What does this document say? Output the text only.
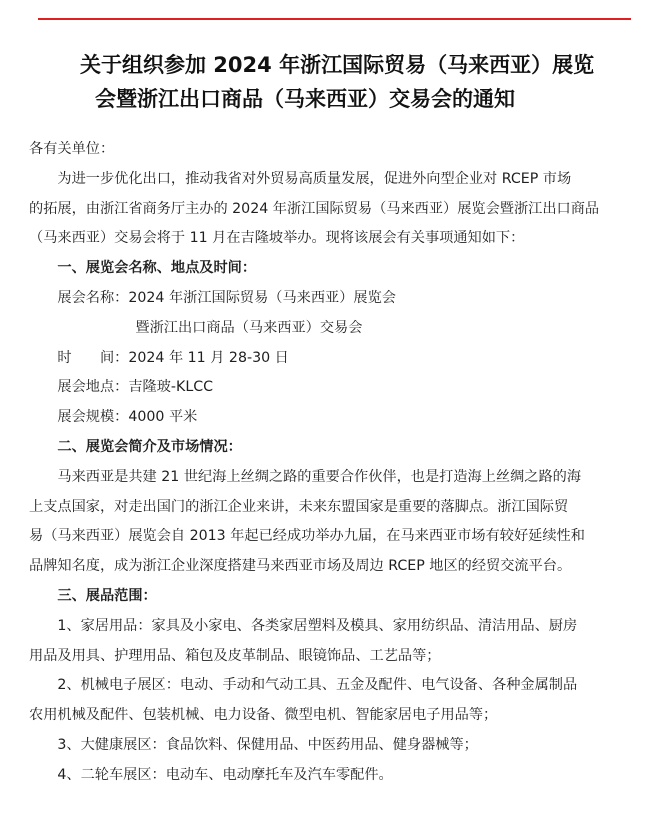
关于组织参加 2024 年浙江国际贸易（马来西亚）展览
会暨浙江出口商品（马来西亚）交易会的通知

各有关单位：

为进一步优化出口，推动我省对外贸易高质量发展，促进外向型企业对 RCEP 市场
的拓展，由浙江省商务厅主办的 2024 年浙江国际贸易（马来西亚）展览会暨浙江出口商品
（马来西亚）交易会将于 11 月在吉隆坡举办。现将该展会有关事项通知如下：

一、展览会名称、地点及时间：

展会名称：2024 年浙江国际贸易（马来西亚）展览会

暨浙江出口商品（马来西亚）交易会

时　　间：2024 年 11 月 28-30 日

展会地点：吉隆玻-KLCC

展会规模：4000 平米

二、展览会简介及市场情况：

马来西亚是共建 21 世纪海上丝绸之路的重要合作伙伴，也是打造海上丝绸之路的海
上支点国家，对走出国门的浙江企业来讲，未来东盟国家是重要的落脚点。浙江国际贸
易（马来西亚）展览会自 2013 年起已经成功举办九届，在马来西亚市场有较好延续性和
品牌知名度，成为浙江企业深度搭建马来西亚市场及周边 RCEP 地区的经贸交流平台。

三、展品范围：

1、家居用品：家具及小家电、各类家居塑料及模具、家用纺织品、清洁用品、厨房
用品及用具、护理用品、箱包及皮革制品、眼镜饰品、工艺品等；
2、机械电子展区：电动、手动和气动工具、五金及配件、电气设备、各种金属制品
农用机械及配件、包装机械、电力设备、微型电机、智能家居电子用品等；
3、大健康展区：食品饮料、保健用品、中医药用品、健身器械等；
4、二轮车展区：电动车、电动摩托车及汽车零配件。
